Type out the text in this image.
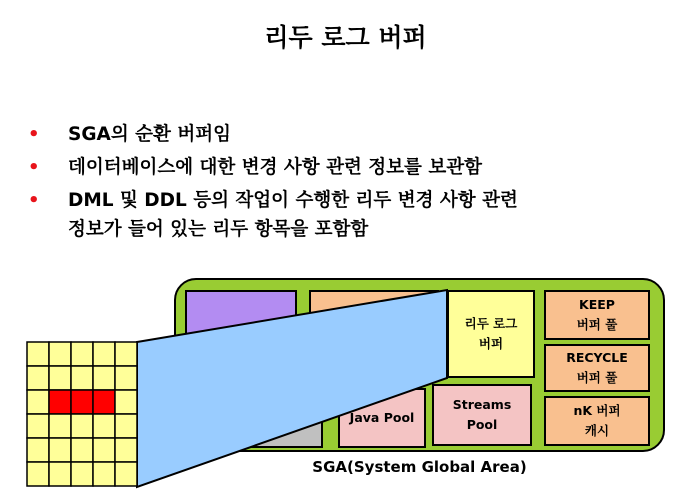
리두 로그 버퍼
• SGA의 순환 버퍼임
• 데이터베이스에 대한 변경 사항 관련 정보를 보관함
• DML 및 DDL 등의 작업이 수행한 리두 변경 사항 관련
정보가 들어 있는 리두 항목을 포함함
리두 로그
버퍼
Java Pool
Streams
Pool
KEEP
버퍼 풀
RECYCLE
버퍼 풀
nK 버퍼
캐시
SGA(System Global Area)
